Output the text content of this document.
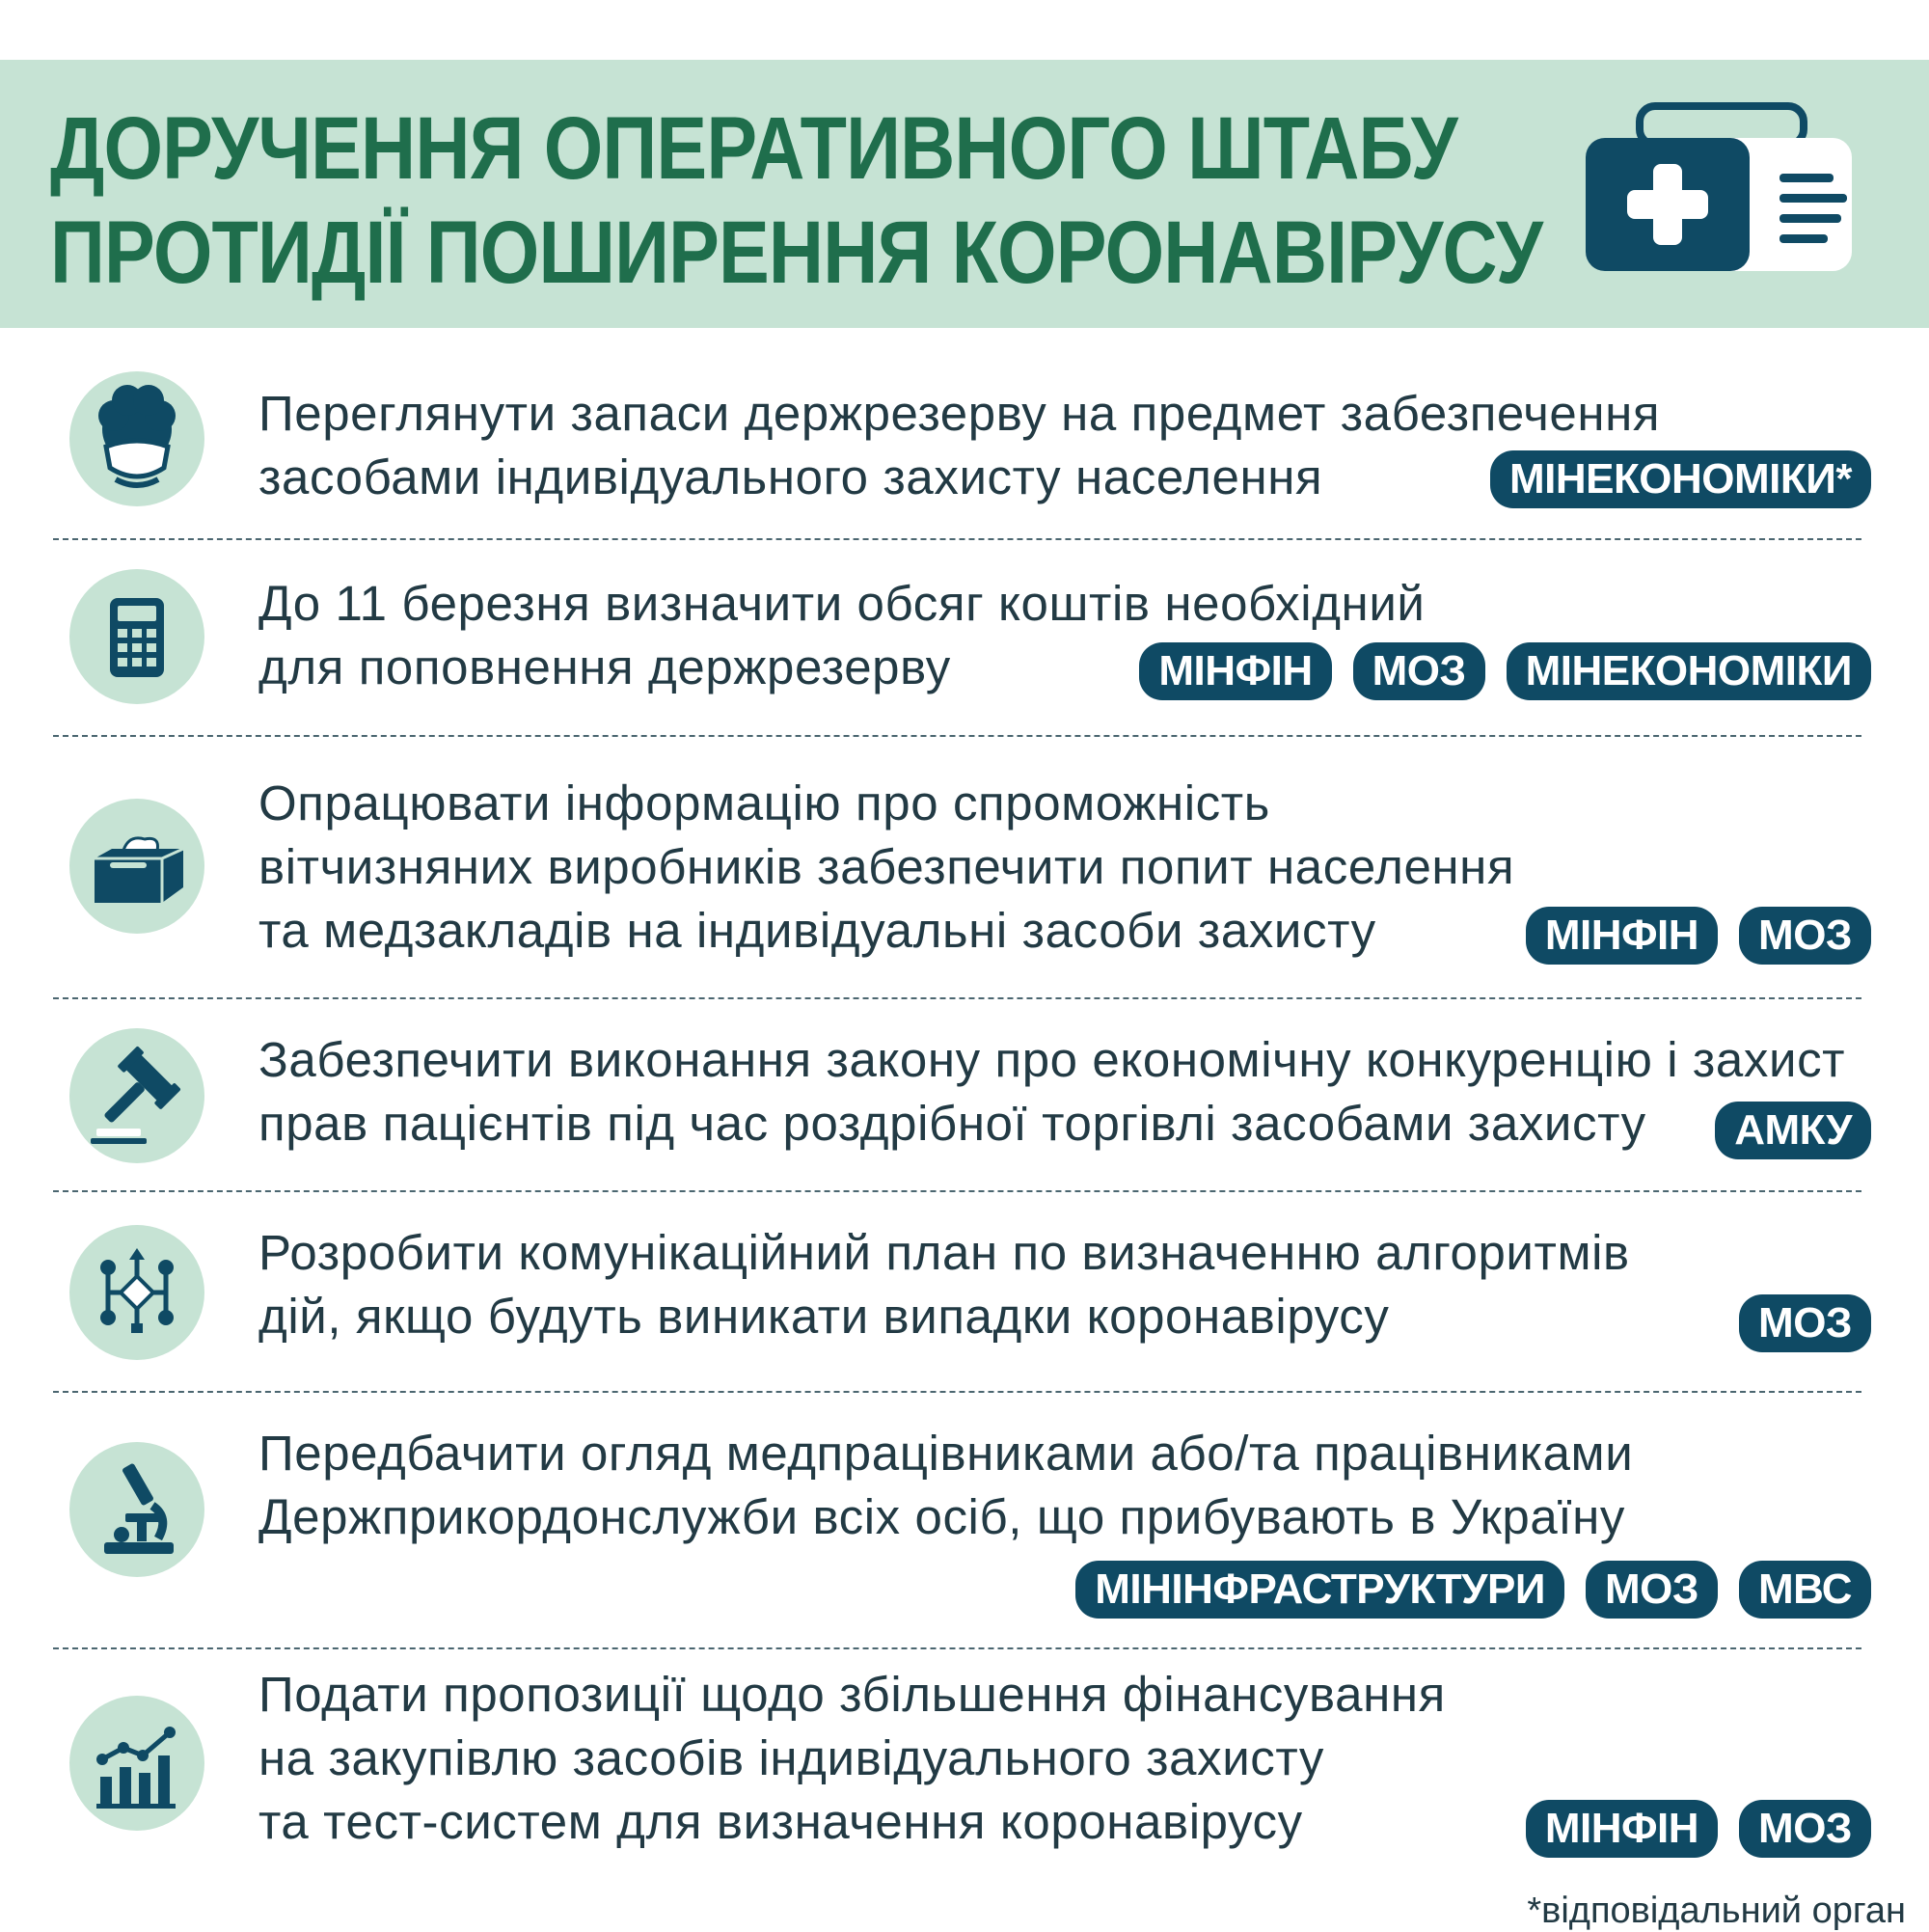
ДОРУЧЕННЯ ОПЕРАТИВНОГО ШТАБУ
ПРОТИДІЇ ПОШИРЕННЯ КОРОНАВІРУСУ
Переглянути запаси держрезерву на предмет забезпечення
засобами індивідуального захисту населення	МІНЕКОНОМІКИ*
До 11 березня визначити обсяг коштів необхідний
для поповнення держрезерву	МІНФІН	МОЗ	МІНЕКОНОМІКИ
Опрацювати інформацію про спроможність
вітчизняних виробників забезпечити попит населення
та медзакладів на індивідуальні засоби захисту	МІНФІН	МОЗ
Забезпечити виконання закону про економічну конкуренцію і захист
прав пацієнтів під час роздрібної торгівлі засобами захисту	АМКУ
Розробити комунікаційний план по визначенню алгоритмів
дій, якщо будуть виникати випадки коронавірусу	МОЗ
Передбачити огляд медпрацівниками або/та працівниками
Держприкордонслужби всіх осіб, що прибувають в Україну
МІНІНФРАСТРУКТУРИ	МОЗ	МВС
Подати пропозиції щодо збільшення фінансування
на закупівлю засобів індивідуального захисту
та тест-систем для визначення коронавірусу	МІНФІН	МОЗ
*відповідальний орган
